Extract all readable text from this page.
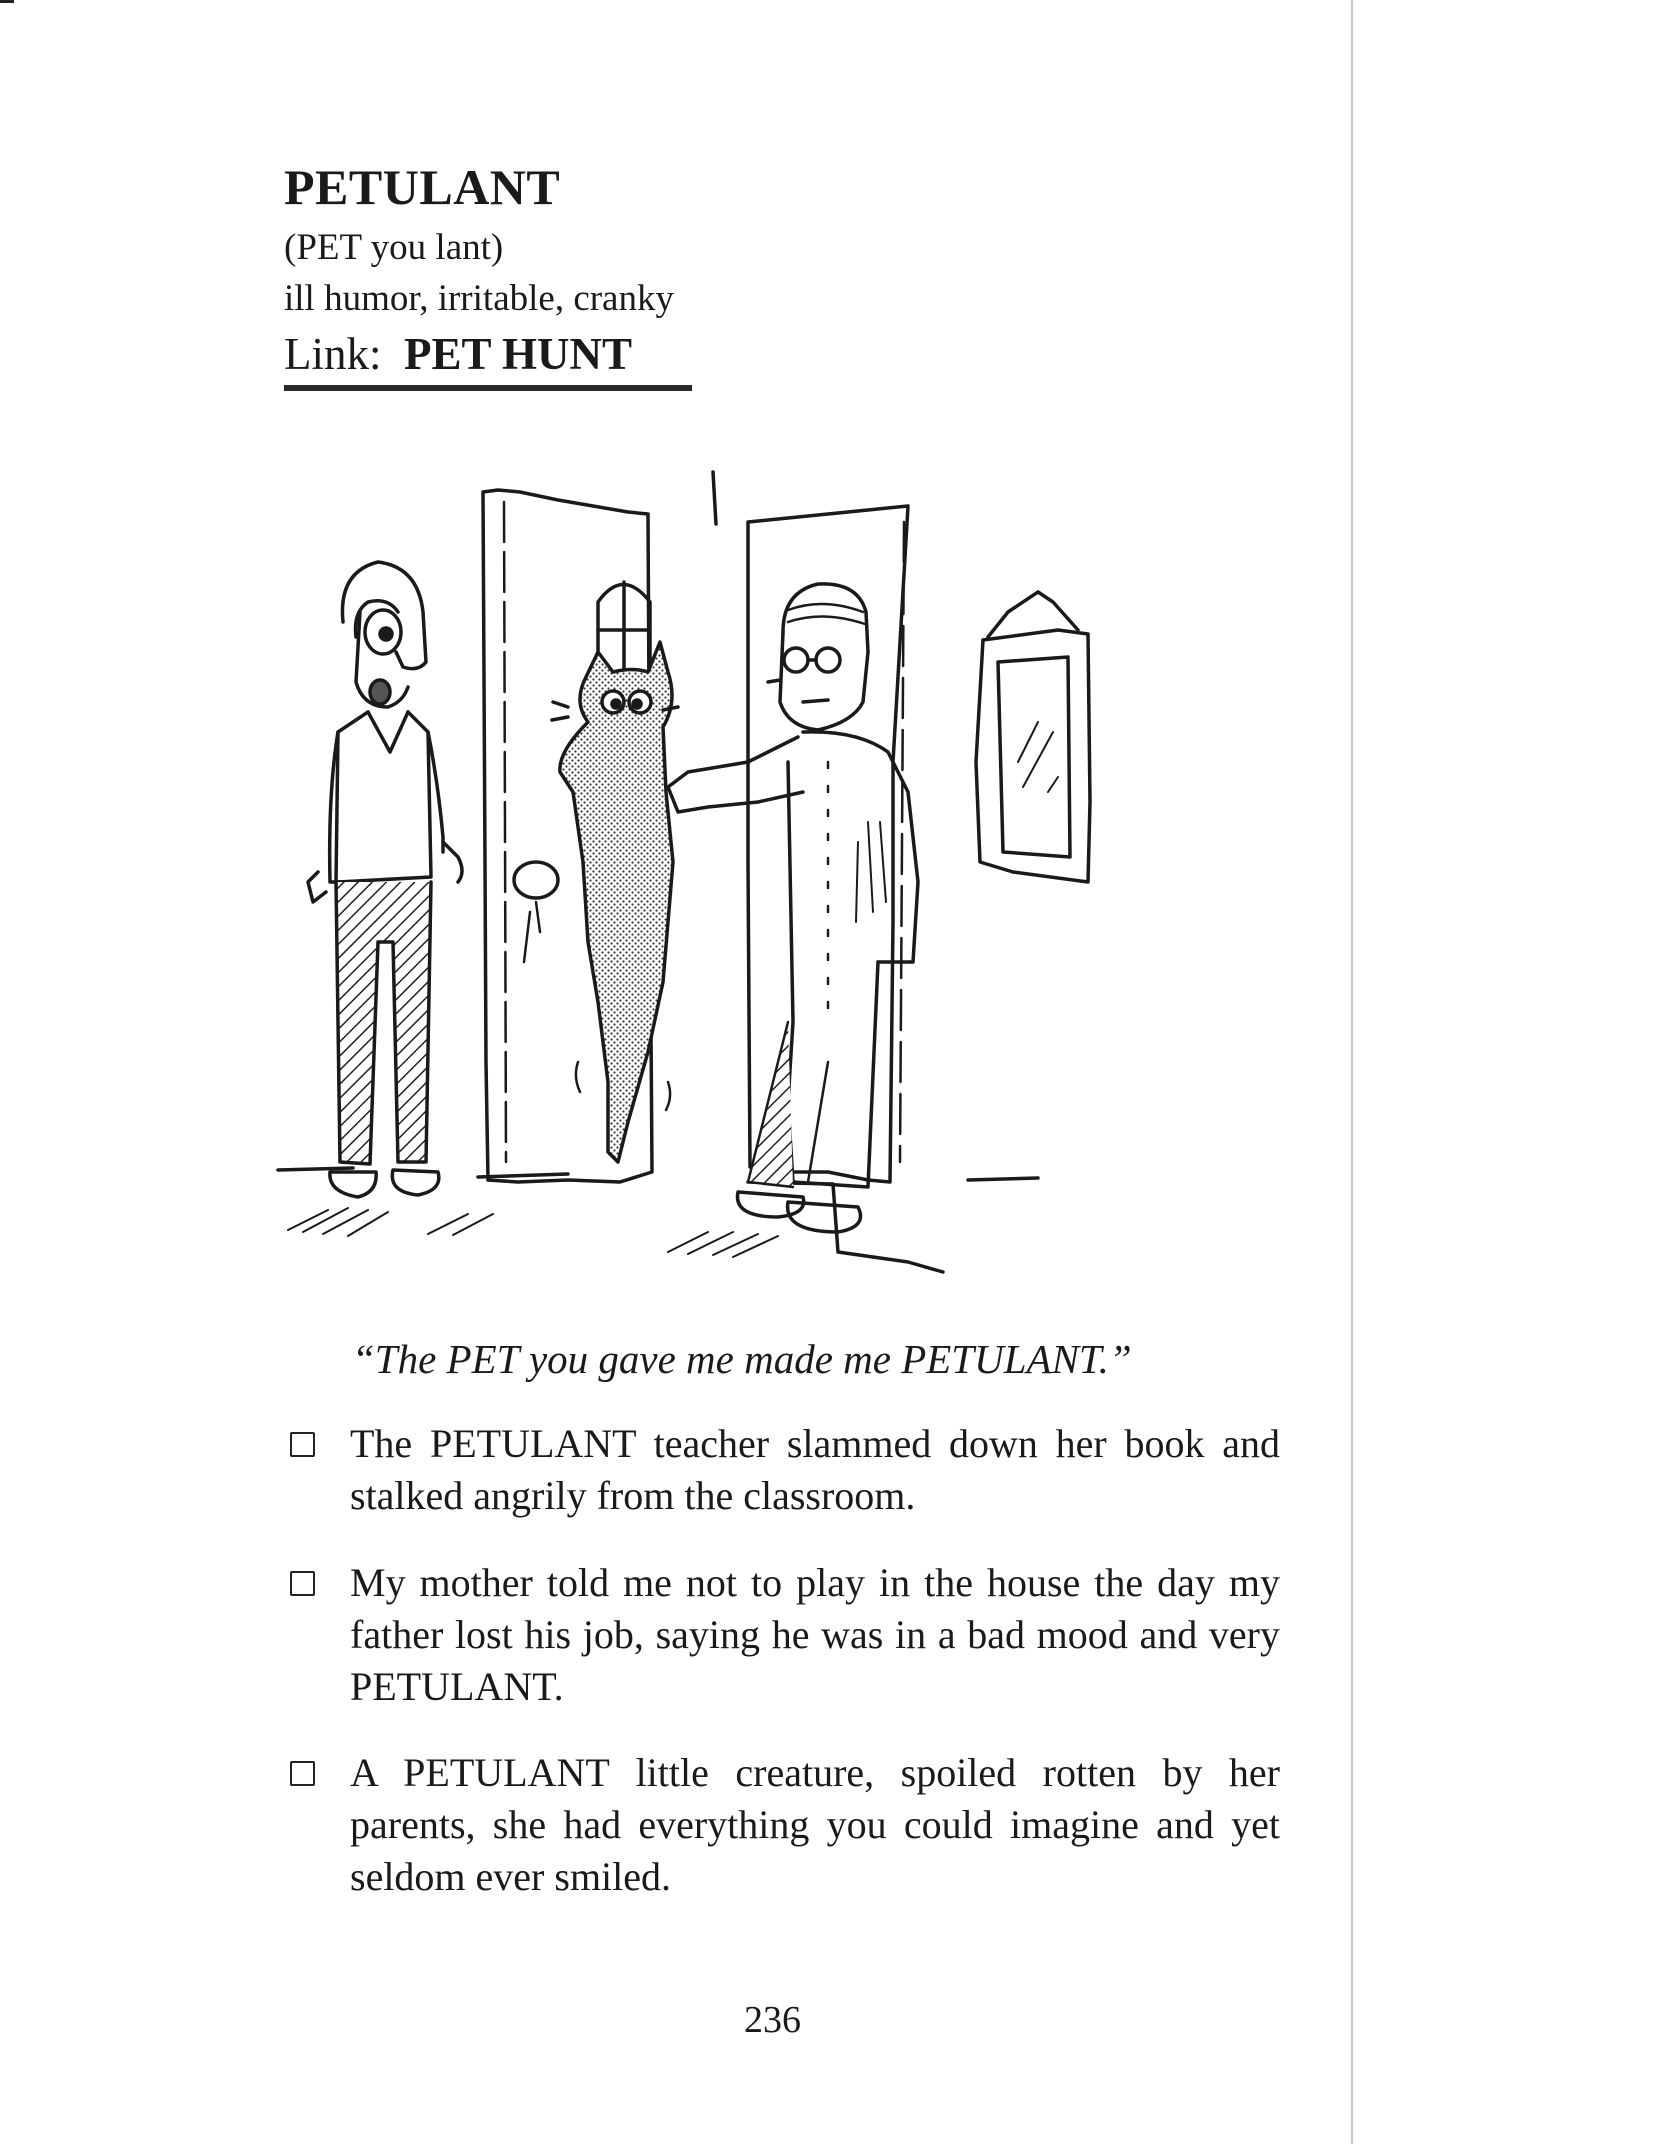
PETULANT
(PET you lant)
ill humor, irritable, cranky
Link: PET HUNT
“The PET you gave me made me PETULANT.”
The PETULANT teacher slammed down her book and stalked angrily from the classroom.
My mother told me not to play in the house the day my father lost his job, saying he was in a bad mood and very PETULANT.
A PETULANT little creature, spoiled rotten by her parents, she had everything you could imagine and yet seldom ever smiled.
236
